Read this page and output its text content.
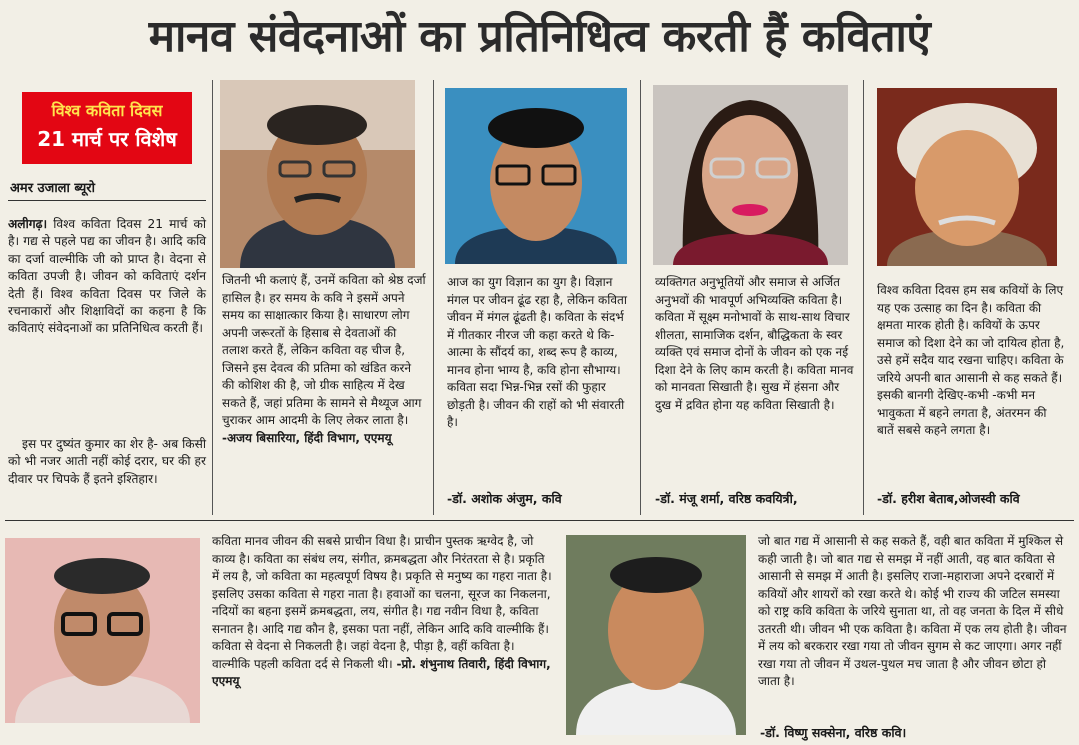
मानव संवेदनाओं का प्रतिनिधित्व करती हैं कविताएं
विश्व कविता दिवस
21 मार्च पर विशेष
अमर उजाला ब्यूरो
अलीगढ़। विश्व कविता दिवस 21 मार्च को है। गद्य से पहले पद्य का जीवन है। आदि कवि का दर्जा वाल्मीकि जी को प्राप्त है। वेदना से कविता उपजी है। जीवन को कविताएं दर्शन देती हैं। विश्व कविता दिवस पर जिले के रचनाकारों और शिक्षाविदों का कहना है कि कविताएं संवेदनाओं का प्रतिनिधित्व करती हैं।
इस पर दुष्यंत कुमार का शेर है- अब किसी को भी नजर आती नहीं कोई दरार, घर की हर दीवार पर चिपके हैं इतने इश्तिहार।
जितनी भी कलाएं हैं, उनमें कविता को श्रेष्ठ दर्जा हासिल है। हर समय के कवि ने इसमें अपने समय का साक्षात्कार किया है। साधारण लोग अपनी जरूरतों के हिसाब से देवताओं की तलाश करते हैं, लेकिन कविता वह चीज है, जिसने इस देवत्व की प्रतिमा को खंडित करने की कोशिश की है, जो ग्रीक साहित्य में देख सकते हैं, जहां प्रतिमा के सामने से मैथ्यूज आग चुराकर आम आदमी के लिए लेकर लाता है। -अजय बिसारिया, हिंदी विभाग, एएमयू
आज का युग विज्ञान का युग है। विज्ञान मंगल पर जीवन ढूंढ रहा है, लेकिन कविता जीवन में मंगल ढूंढती है। कविता के संदर्भ में गीतकार नीरज जी कहा करते थे कि-आत्मा के सौंदर्य का, शब्द रूप है काव्य, मानव होना भाग्य है, कवि होना सौभाग्य। कविता सदा भिन्न-भिन्न रसों की फुहार छोड़ती है। जीवन की राहों को भी संवारती है।
-डॉ. अशोक अंजुम, कवि
व्यक्तिगत अनुभूतियों और समाज से अर्जित अनुभवों की भावपूर्ण अभिव्यक्ति कविता है। कविता में सूक्ष्म मनोभावों के साथ-साथ विचार शीलता, सामाजिक दर्शन, बौद्धिकता के स्वर व्यक्ति एवं समाज दोनों के जीवन को एक नई दिशा देने के लिए काम करती है। कविता मानव को मानवता सिखाती है। सुख में हंसना और दुख में द्रवित होना यह कविता सिखाती है।
-डॉ. मंजू शर्मा, वरिष्ठ कवयित्री,
विश्व कविता दिवस हम सब कवियों के लिए यह एक उत्साह का दिन है। कविता की क्षमता मारक होती है। कवियों के ऊपर समाज को दिशा देने का जो दायित्व होता है, उसे हमें सदैव याद रखना चाहिए। कविता के जरिये अपनी बात आसानी से कह सकते हैं। इसकी बानगी देखिए-कभी -कभी मन भावुकता में बहने लगता है, अंतरमन की बातें सबसे कहने लगता है।
-डॉ. हरीश बेताब,ओजस्वी कवि
कविता मानव जीवन की सबसे प्राचीन विधा है। प्राचीन पुस्तक ऋग्वेद है, जो काव्य है। कविता का संबंध लय, संगीत, क्रमबद्धता और निरंतरता से है। प्रकृति में लय है, जो कविता का महत्वपूर्ण विषय है। प्रकृति से मनुष्य का गहरा नाता है। इसलिए उसका कविता से गहरा नाता है। हवाओं का चलना, सूरज का निकलना, नदियों का बहना इसमें क्रमबद्धता, लय, संगीत है। गद्य नवीन विधा है, कविता सनातन है। आदि गद्य कौन है, इसका पता नहीं, लेकिन आदि कवि वाल्मीकि हैं। कविता से वेदना से निकलती है। जहां वेदना है, पीड़ा है, वहीं कविता है। वाल्मीकि पहली कविता दर्द से निकली थी। -प्रो. शंभुनाथ तिवारी, हिंदी विभाग, एएमयू
जो बात गद्य में आसानी से कह सकते हैं, वही बात कविता में मुश्किल से कही जाती है। जो बात गद्य से समझ में नहीं आती, वह बात कविता से आसानी से समझ में आती है। इसलिए राजा-महाराजा अपने दरबारों में कवियों और शायरों को रखा करते थे। कोई भी राज्य की जटिल समस्या को राष्ट्र कवि कविता के जरिये सुनाता था, तो वह जनता के दिल में सीधे उतरती थी। जीवन भी एक कविता है। कविता में एक लय होती है। जीवन में लय को बरकरार रखा गया तो जीवन सुगम से कट जाएगा। अगर नहीं रखा गया तो जीवन में उथल-पुथल मच जाता है और जीवन छोटा हो जाता है।
-डॉ. विष्णु सक्सेना, वरिष्ठ कवि।
